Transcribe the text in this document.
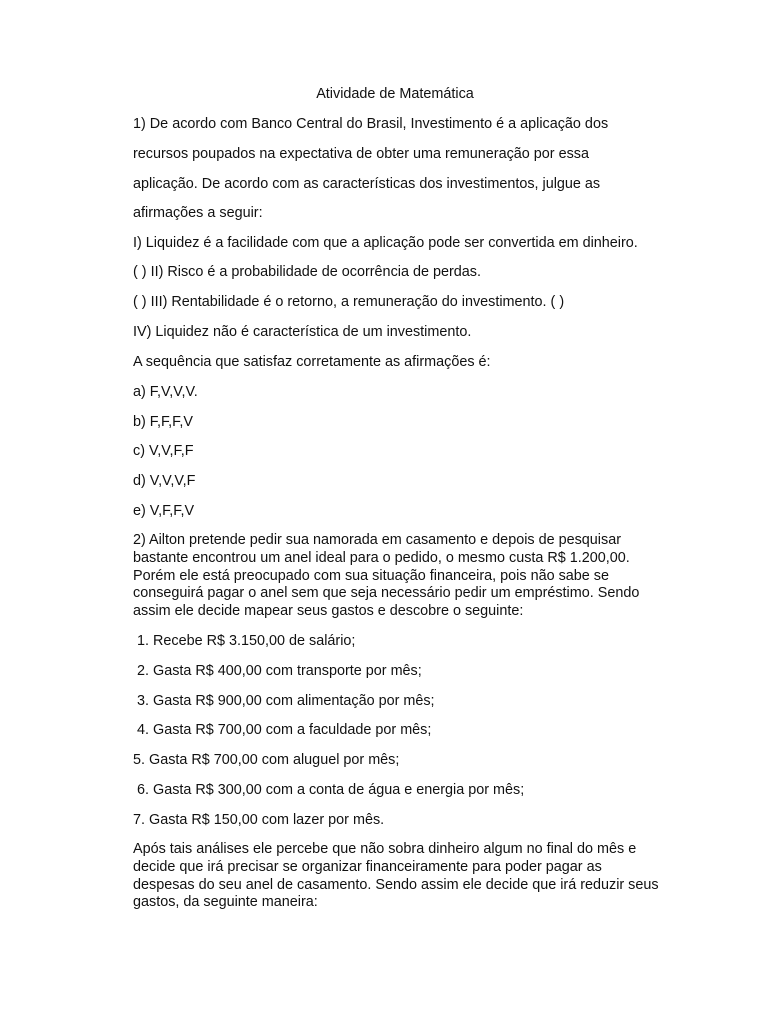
Atividade de Matemática
1) De acordo com Banco Central do Brasil, Investimento é a aplicação dos
recursos poupados na expectativa de obter uma remuneração por essa
aplicação. De acordo com as características dos investimentos, julgue as
afirmações a seguir:
I) Liquidez é a facilidade com que a aplicação pode ser convertida em dinheiro.
( ) II) Risco é a probabilidade de ocorrência de perdas.
( ) III) Rentabilidade é o retorno, a remuneração do investimento. ( )
IV) Liquidez não é característica de um investimento.
A sequência que satisfaz corretamente as afirmações é:
a) F,V,V,V.
b) F,F,F,V
c) V,V,F,F
d) V,V,V,F
e) V,F,F,V
2) Ailton pretende pedir sua namorada em casamento e depois de pesquisar
bastante encontrou um anel ideal para o pedido, o mesmo custa R$ 1.200,00.
Porém ele está preocupado com sua situação financeira, pois não sabe se
conseguirá pagar o anel sem que seja necessário pedir um empréstimo. Sendo
assim ele decide mapear seus gastos e descobre o seguinte:
1. Recebe R$ 3.150,00 de salário;
2. Gasta R$ 400,00 com transporte por mês;
3. Gasta R$ 900,00 com alimentação por mês;
4. Gasta R$ 700,00 com a faculdade por mês;
5. Gasta R$ 700,00 com aluguel por mês;
6. Gasta R$ 300,00 com a conta de água e energia por mês;
7. Gasta R$ 150,00 com lazer por mês.
Após tais análises ele percebe que não sobra dinheiro algum no final do mês e
decide que irá precisar se organizar financeiramente para poder pagar as
despesas do seu anel de casamento. Sendo assim ele decide que irá reduzir seus
gastos, da seguinte maneira:
